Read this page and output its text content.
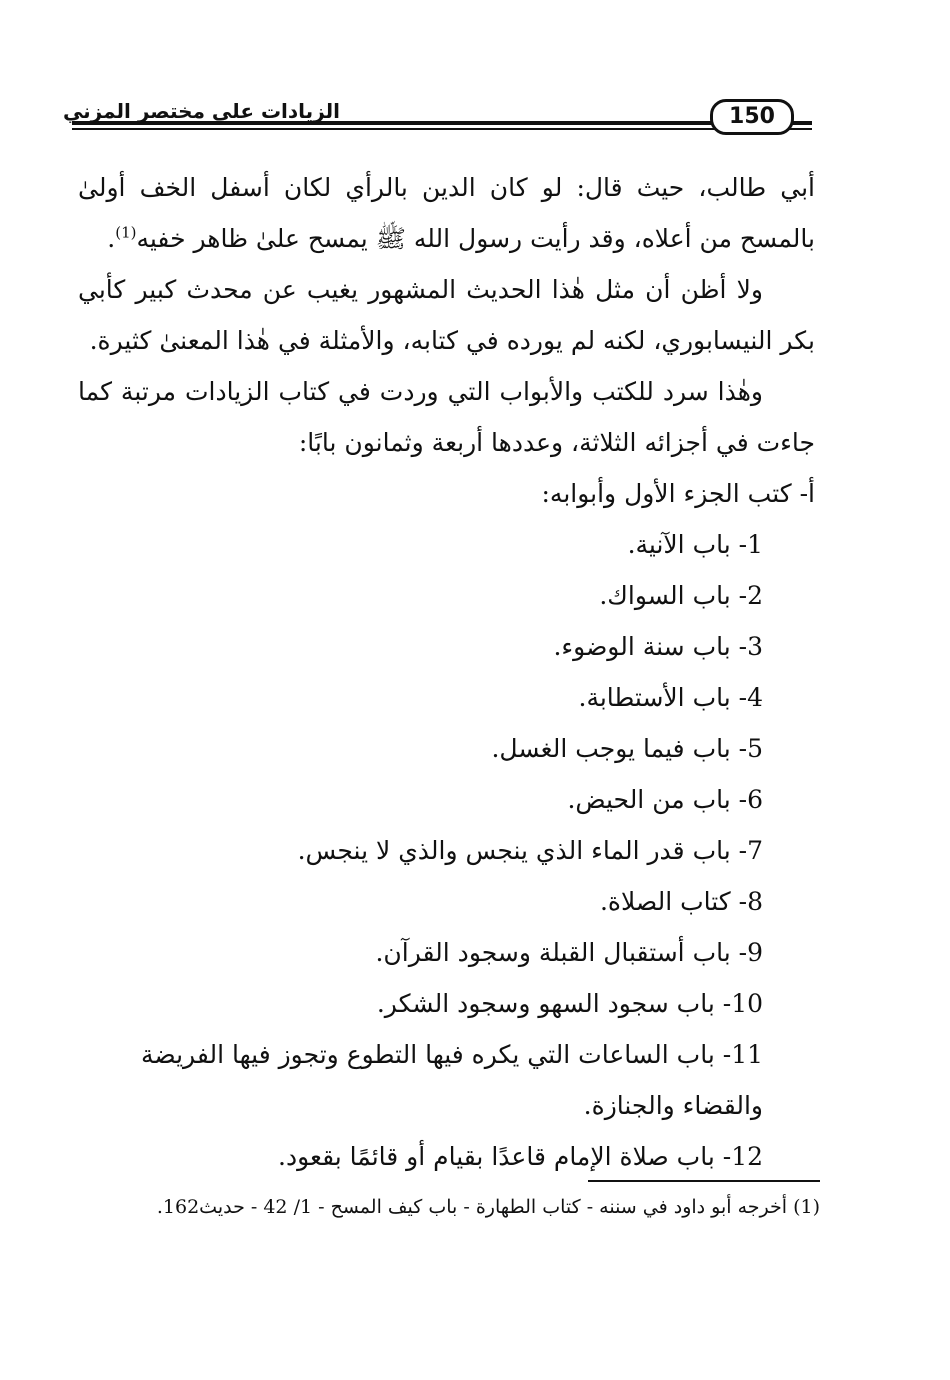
الزيادات على مختصر المزني	150

أبي طالب، حيث قال: لو كان الدين بالرأي لكان أسفل الخف أولىٰ بالمسح من أعلاه، وقد رأيت رسول الله ﷺ يمسح علىٰ ظاهر خفيه$^{(1)}$.

ولا أظن أن مثل هٰذا الحديث المشهور يغيب عن محدث كبير كأبي بكر النيسابوري، لكنه لم يورده في كتابه، والأمثلة في هٰذا المعنىٰ كثيرة.

وهٰذا سرد للكتب والأبواب التي وردت في كتاب الزيادات مرتبة كما جاءت في أجزائه الثلاثة، وعددها أربعة وثمانون بابًا:

أ- كتب الجزء الأول وأبوابه:

1- باب الآنية.
2- باب السواك.
3- باب سنة الوضوء.
4- باب الأستطابة.
5- باب فيما يوجب الغسل.
6- باب من الحيض.
7- باب قدر الماء الذي ينجس والذي لا ينجس.
8- كتاب الصلاة.
9- باب أستقبال القبلة وسجود القرآن.
10- باب سجود السهو وسجود الشكر.
11- باب الساعات التي يكره فيها التطوع وتجوز فيها الفريضة والقضاء والجنازة.
12- باب صلاة الإمام قاعدًا بقيام أو قائمًا بقعود.
(1) أخرجه أبو داود في سننه - كتاب الطهارة - باب كيف المسح - 1/ 42 - حديث162.
